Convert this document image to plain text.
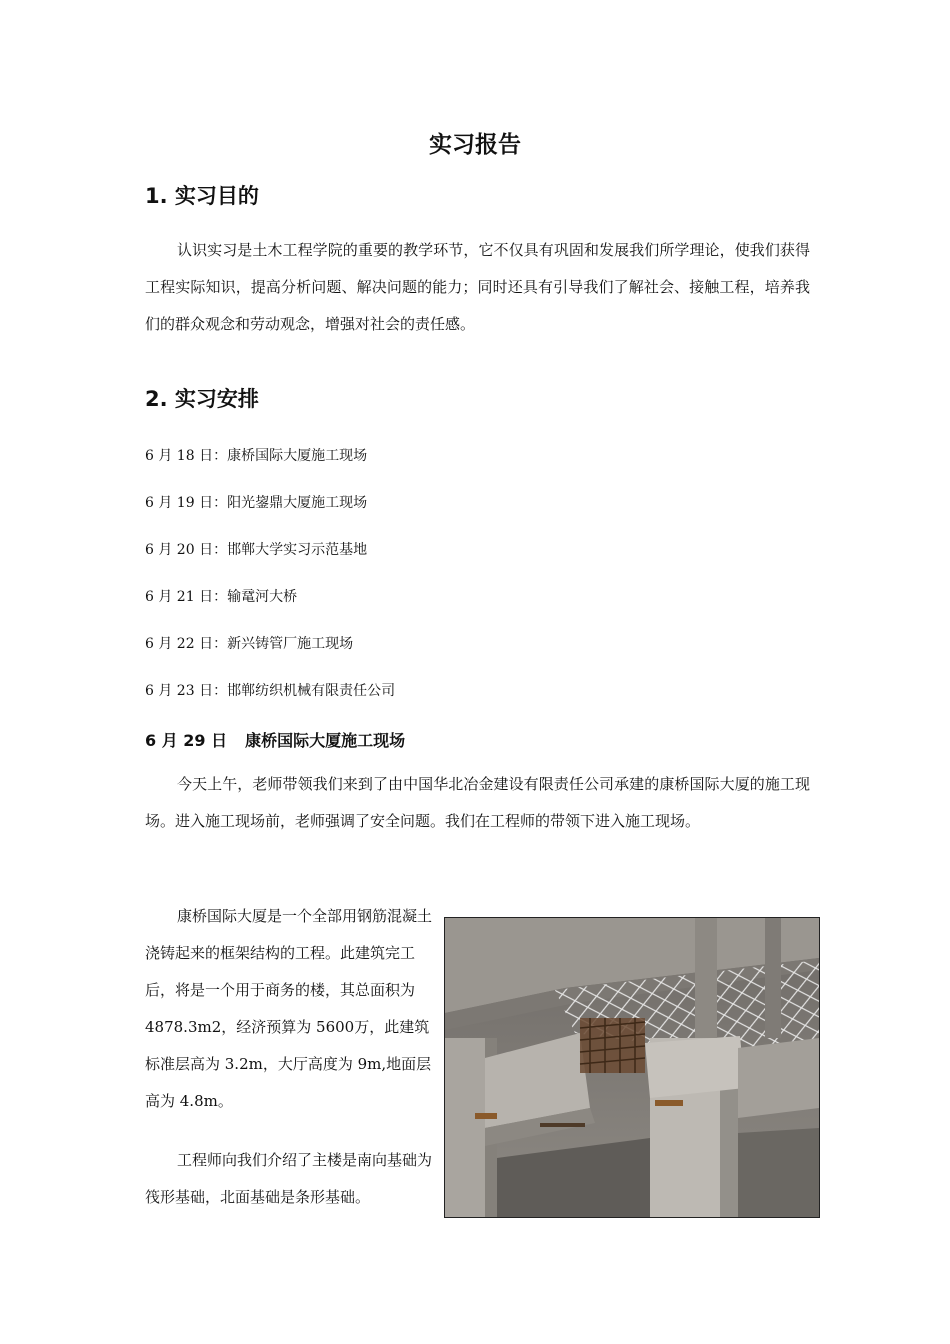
实习报告
1. 实习目的

认识实习是土木工程学院的重要的教学环节，它不仅具有巩固和发展我们所学理论，使我们获得工程实际知识，提高分析问题、解决问题的能力；同时还具有引导我们了解社会、接触工程，培养我们的群众观念和劳动观念，增强对社会的责任感。

2. 实习安排
6 月 18 日：康桥国际大厦施工现场
6 月 19 日：阳光鋆鼎大厦施工现场
6 月 20 日：邯郸大学实习示范基地
6 月 21 日：输鼋河大桥
6 月 22 日：新兴铸管厂施工现场
6 月 23 日：邯郸纺织机械有限责任公司
6 月 29 日 康桥国际大厦施工现场

今天上午，老师带领我们来到了由中国华北冶金建设有限责任公司承建的康桥国际大厦的施工现场。进入施工现场前，老师强调了安全问题。我们在工程师的带领下进入施工现场。

康桥国际大厦是一个全部用钢筋混凝土浇铸起来的框架结构的工程。此建筑完工后，将是一个用于商务的楼，其总面积为 4878.3m2，经济预算为 5600万，此建筑标准层高为 3.2m，大厅高度为 9m,地面层高为 4.8m。

工程师向我们介绍了主楼是南向基础为筏形基础，北面基础是条形基础。
